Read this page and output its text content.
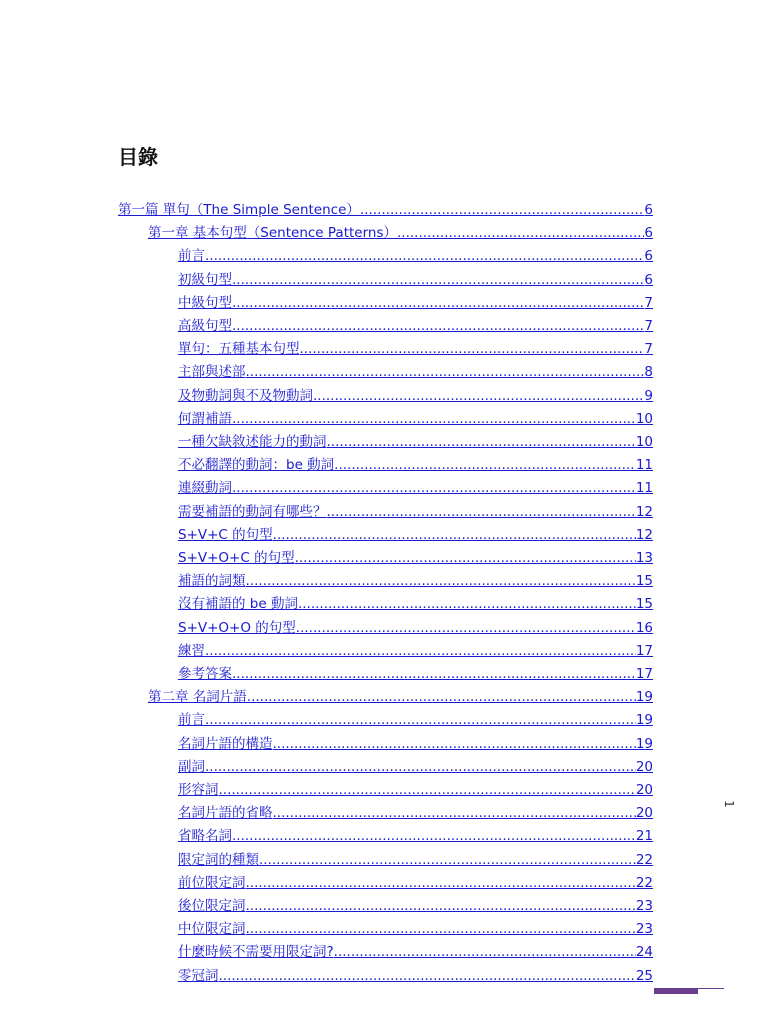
目錄
第一篇 單句（The Simple Sentence） .....	6
第一章 基本句型（Sentence Patterns） .....	6
前言 .....	6
初級句型 .....	6
中級句型 .....	7
高級句型 .....	7
單句：五種基本句型 .....	7
主部與述部 .....	8
及物動詞與不及物動詞 .....	9
何謂補語 .....	10
一種欠缺敘述能力的動詞 .....	10
不必翻譯的動詞：be 動詞 .....	11
連綴動詞 .....	11
需要補語的動詞有哪些？ .....	12
S+V+C 的句型 .....	12
S+V+O+C 的句型 .....	13
補語的詞類 .....	15
沒有補語的 be 動詞 .....	15
S+V+O+O 的句型 .....	16
練習 .....	17
參考答案 .....	17
第二章 名詞片語 .....	19
前言 .....	19
名詞片語的構造 .....	19
副詞 .....	20
形容詞 .....	20
名詞片語的省略 .....	20
省略名詞 .....	21
限定詞的種類 .....	22
前位限定詞 .....	22
後位限定詞 .....	23
中位限定詞 .....	23
什麼時候不需要用限定詞? .....	24
零冠詞 .....	25
1
